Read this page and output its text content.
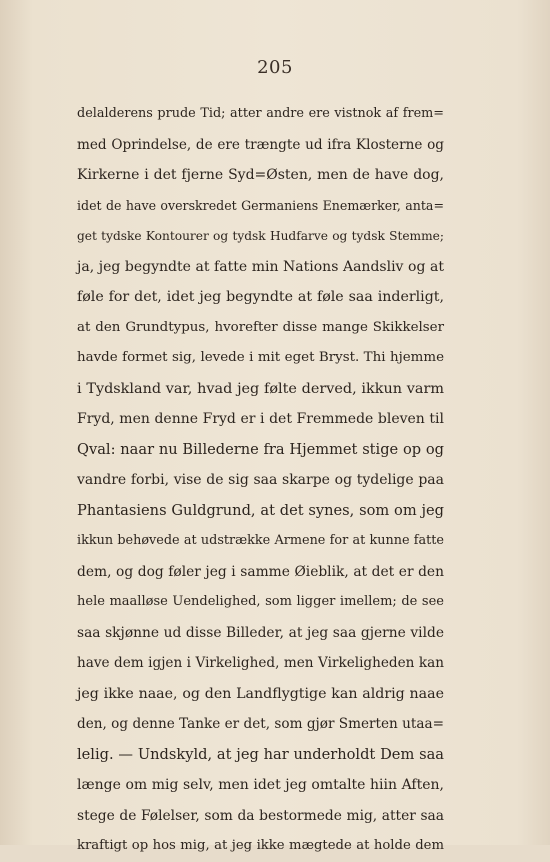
205
delalderens prude Tid; atter andre ere vistnok af frem=
med Oprindelse, de ere trængte ud ifra Klosterne og
Kirkerne i det fjerne Syd=Østen, men de have dog,
idet de have overskredet Germaniens Enemærker, anta=
get tydske Kontourer og tydsk Hudfarve og tydsk Stemme;
ja, jeg begyndte at fatte min Nations Aandsliv og at
føle for det, idet jeg begyndte at føle saa inderligt,
at den Grundtypus, hvorefter disse mange Skikkelser
havde formet sig, levede i mit eget Bryst. Thi hjemme
i Tydskland var, hvad jeg følte derved, ikkun varm
Fryd, men denne Fryd er i det Fremmede bleven til
Qval: naar nu Billederne fra Hjemmet stige op og
vandre forbi, vise de sig saa skarpe og tydelige paa
Phantasiens Guldgrund, at det synes, som om jeg
ikkun behøvede at udstrække Armene for at kunne fatte
dem, og dog føler jeg i samme Øieblik, at det er den
hele maalløse Uendelighed, som ligger imellem; de see
saa skjønne ud disse Billeder, at jeg saa gjerne vilde
have dem igjen i Virkelighed, men Virkeligheden kan
jeg ikke naae, og den Landflygtige kan aldrig naae
den, og denne Tanke er det, som gjør Smerten utaa=
lelig. — Undskyld, at jeg har underholdt Dem saa
længe om mig selv, men idet jeg omtalte hiin Aften,
stege de Følelser, som da bestormede mig, atter saa
kraftigt op hos mig, at jeg ikke mægtede at holde dem
